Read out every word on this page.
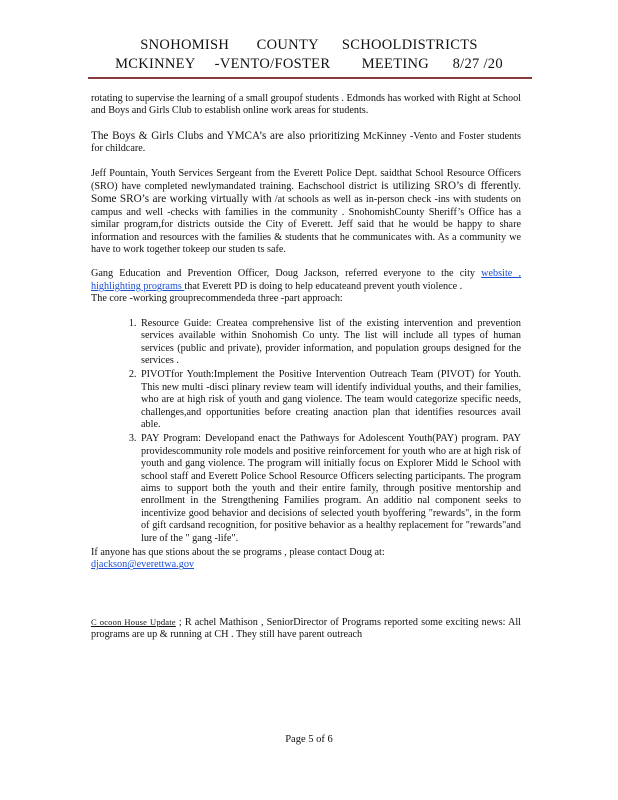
SNOHOMISH       COUNTY      SCHOOLDISTRICTS
MCKINNEY     -VENTO/FOSTER        MEETING      8/27 /20

rotating to supervise the learning of a small groupof students . Edmonds has worked with Right at School and Boys and Girls Club to establish online work areas for students.

The Boys & Girls Clubs and YMCA’s are also prioritizing McKinney -Vento and Foster students for childcare.

Jeff Pountain, Youth Services Sergeant from the Everett Police Dept. saidthat School Resource Officers (SRO) have completed newlymandated training. Eachschool district is utilizing SRO’s di fferently. Some SRO’s are working virtually with /at schools as well as in-person check -ins with students on campus and well -checks with families in the community . SnohomishCounty Sheriff’s Office has a similar program,for districts outside the City of Everett. Jeff said that he would be happy to share information and resources with the families & students that he communicates with. As a community we have to work together tokeep our studen ts safe.

Gang Education and Prevention Officer, Doug Jackson, referred everyone to the city website , highlighting programs that Everett PD is doing to help educateand prevent youth violence .

The core -working grouprecommendeda three -part approach:

1. Resource Guide: Createa comprehensive list of the existing intervention and prevention services available within Snohomish Co unty. The list will include all types of human services (public and private), provider information, and population groups designed for the services .
2. PIVOTfor Youth:Implement the Positive Intervention Outreach Team (PIVOT) for Youth. This new multi -disci plinary review team will identify individual youths, and their families, who are at high risk of youth and gang violence. The team would categorize specific needs, challenges,and opportunities before creating anaction plan that identifies resources avail able.
3. PAY Program: Developand enact the Pathways for Adolescent Youth(PAY) program. PAY providescommunity role models and positive reinforcement for youth who are at high risk of youth and gang violence. The program will initially focus on Explorer Midd le School with school staff and Everett Police School Resource Officers selecting participants. The program aims to support both the youth and their entire family, through positive mentorship and enrollment in the Strengthening Families program. An additio nal component seeks to incentivize good behavior and decisions of selected youth byoffering "rewards", in the form of gift cardsand recognition, for positive behavior as a healthy replacement for "rewards"and lure of the " gang -life".

If anyone has que stions about the se programs , please contact Doug at:

djackson@everettwa.gov

C ocoon House Update ; R achel Mathison , SeniorDirector of Programs reported some exciting news: All programs are up & running at CH . They still have parent outreach

Page 5 of 6
